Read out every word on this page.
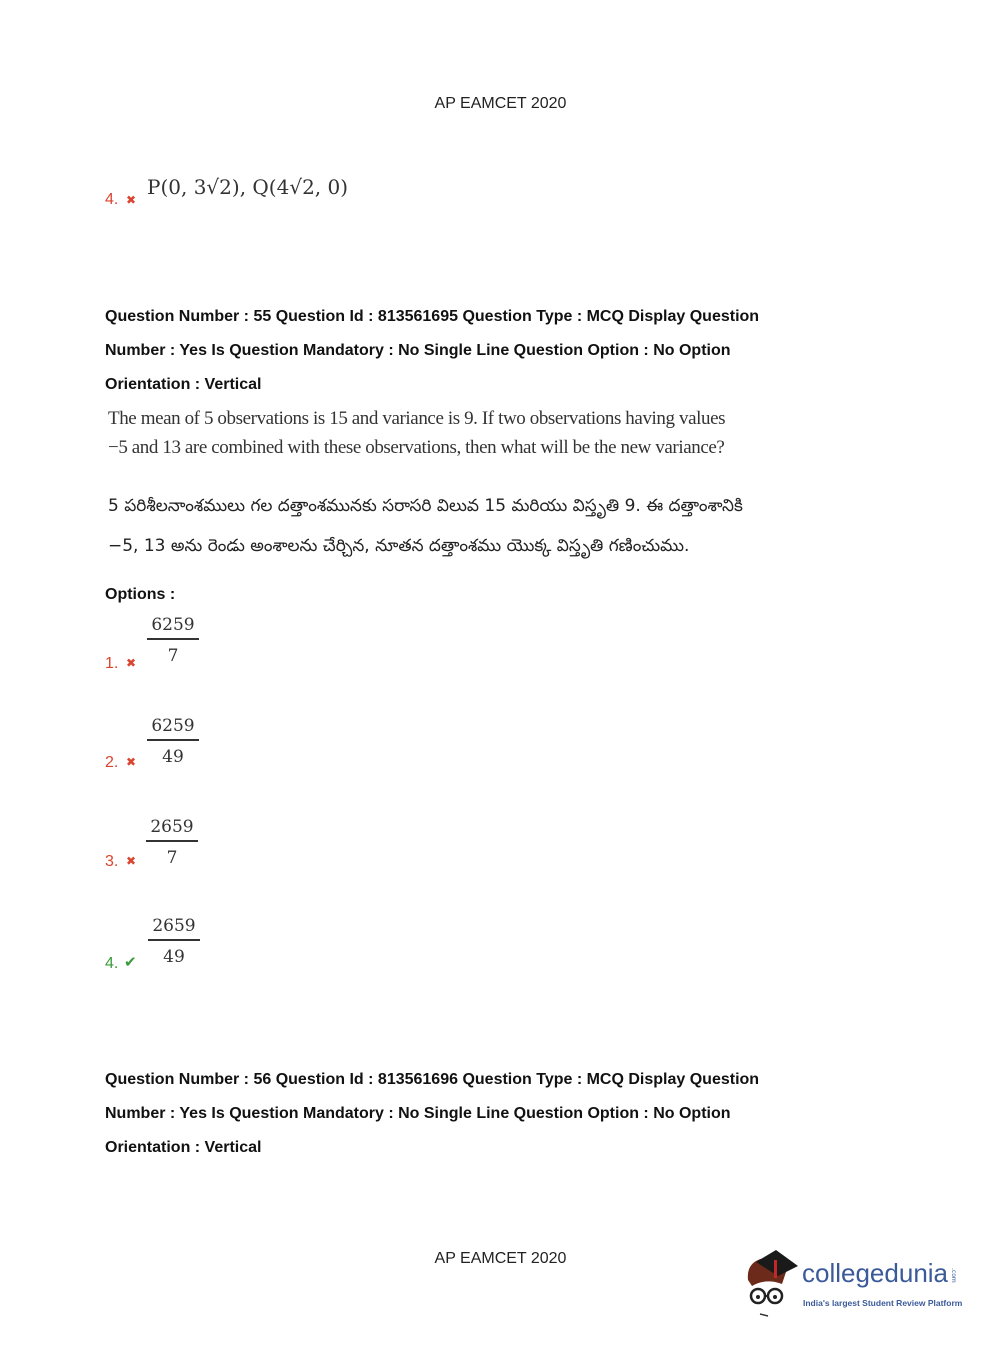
AP EAMCET 2020
4. ✖
P(0, 3√2), Q(4√2, 0)
Question Number : 55 Question Id : 813561695 Question Type : MCQ Display Question
Number : Yes Is Question Mandatory : No Single Line Question Option : No Option
Orientation : Vertical
The mean of 5 observations is 15 and variance is 9. If two observations having values
−5 and 13 are combined with these observations, then what will be the new variance?
5 పరిశీలనాంశములు గల దత్తాంశమునకు సరాసరి విలువ 15 మరియు విస్తృతి 9. ఈ దత్తాంశానికి
−5, 13 అను రెండు అంశాలను చేర్చిన, నూతన దత్తాంశము యొక్క విస్తృతి గణించుము.
Options :
1. ✖ $\frac{6259}{7}$
2. ✖ $\frac{6259}{49}$
3. ✖ $\frac{2659}{7}$
4. ✔ $\frac{2659}{49}$
Question Number : 56 Question Id : 813561696 Question Type : MCQ Display Question
Number : Yes Is Question Mandatory : No Single Line Question Option : No Option
Orientation : Vertical
AP EAMCET 2020	collegedunia .com
India's largest Student Review Platform
